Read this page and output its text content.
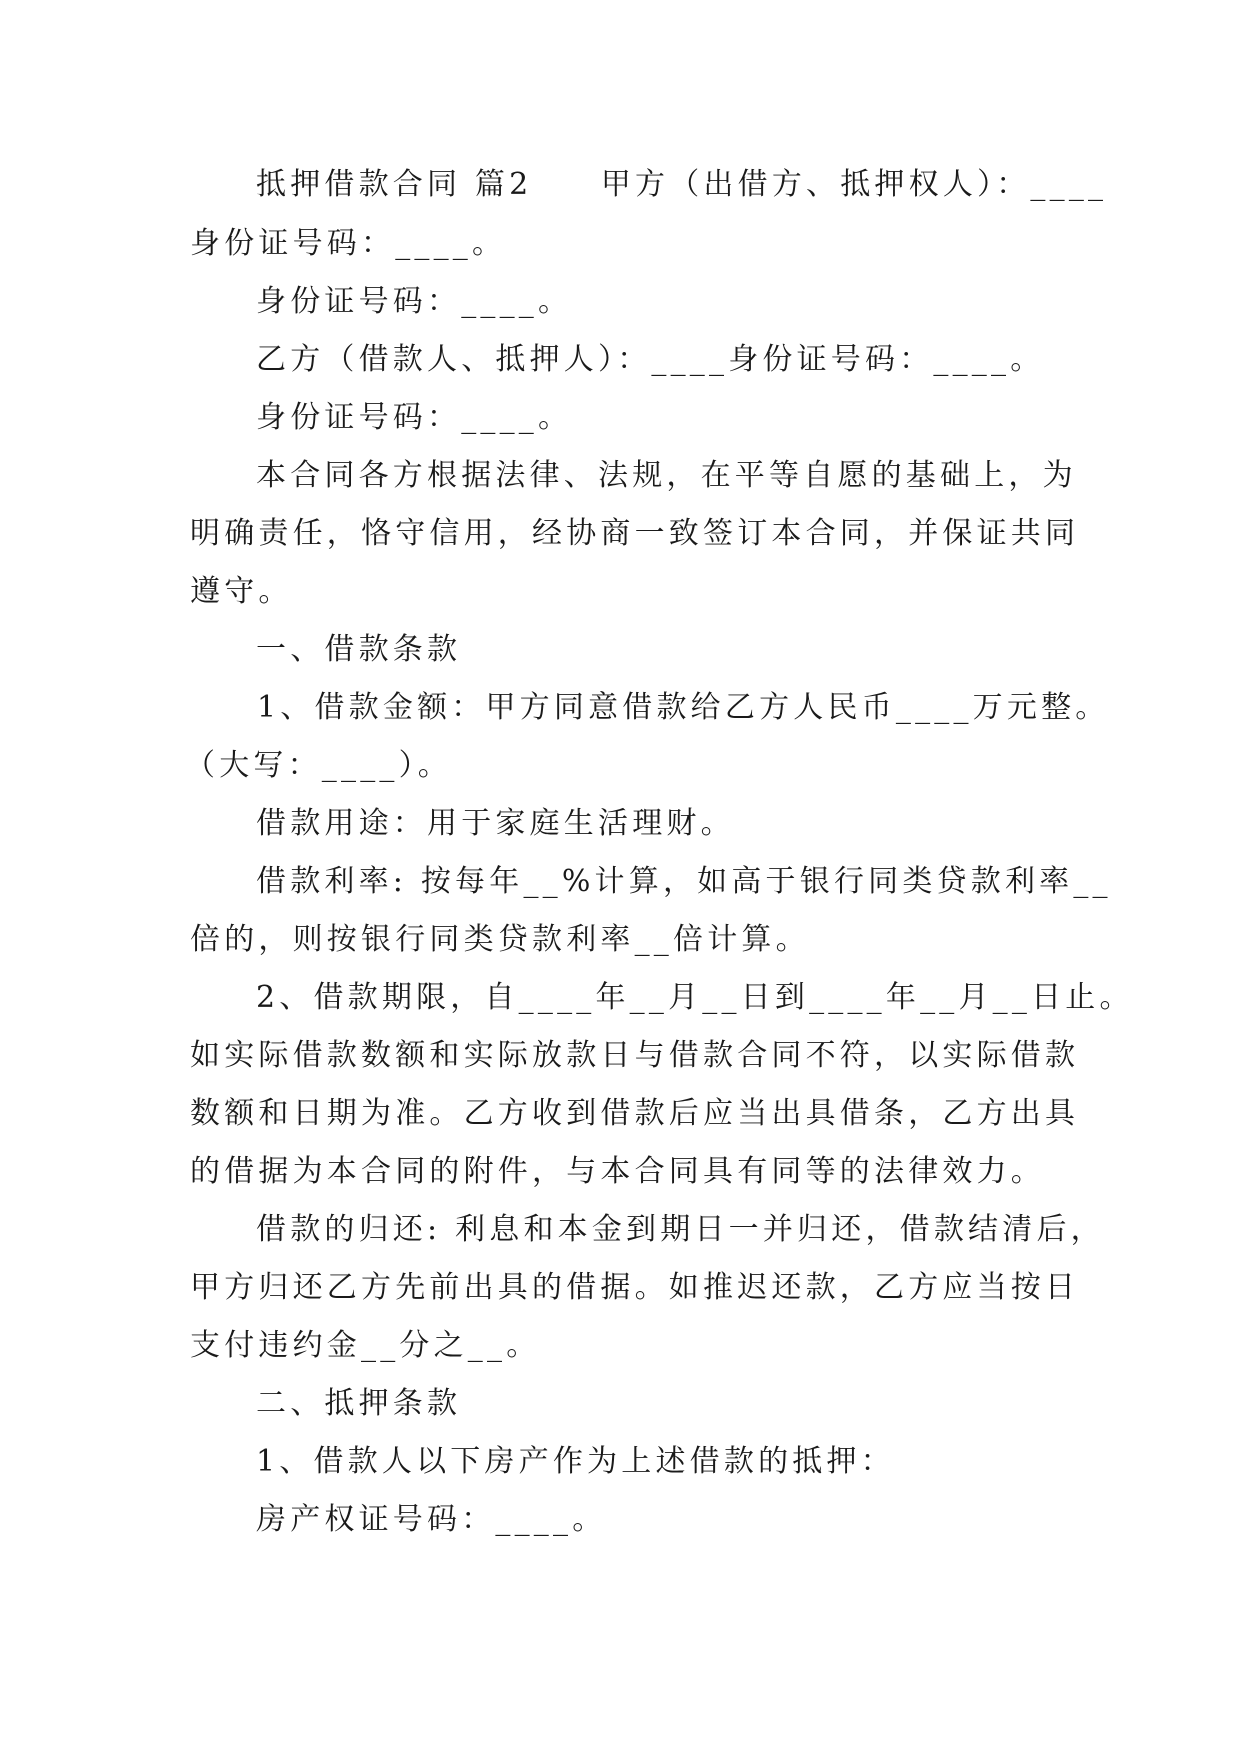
抵押借款合同 篇2　　甲方（出借方、抵押权人）：____
身份证号码：____。
身份证号码：____。
乙方（借款人、抵押人）：____身份证号码：____。
身份证号码：____。
本合同各方根据法律、法规，在平等自愿的基础上，为
明确责任，恪守信用，经协商一致签订本合同，并保证共同
遵守。
一、借款条款
1、借款金额：甲方同意借款给乙方人民币____万元整。
（大写：____）。
借款用途：用于家庭生活理财。
借款利率: 按每年__%计算，如高于银行同类贷款利率__
倍的，则按银行同类贷款利率__倍计算。
2、借款期限，自____年__月__日到____年__月__日止。
如实际借款数额和实际放款日与借款合同不符，以实际借款
数额和日期为准。乙方收到借款后应当出具借条，乙方出具
的借据为本合同的附件，与本合同具有同等的法律效力。
借款的归还: 利息和本金到期日一并归还，借款结清后，
甲方归还乙方先前出具的借据。如推迟还款，乙方应当按日
支付违约金__分之__。
二、抵押条款
1、借款人以下房产作为上述借款的抵押：
房产权证号码：____。
